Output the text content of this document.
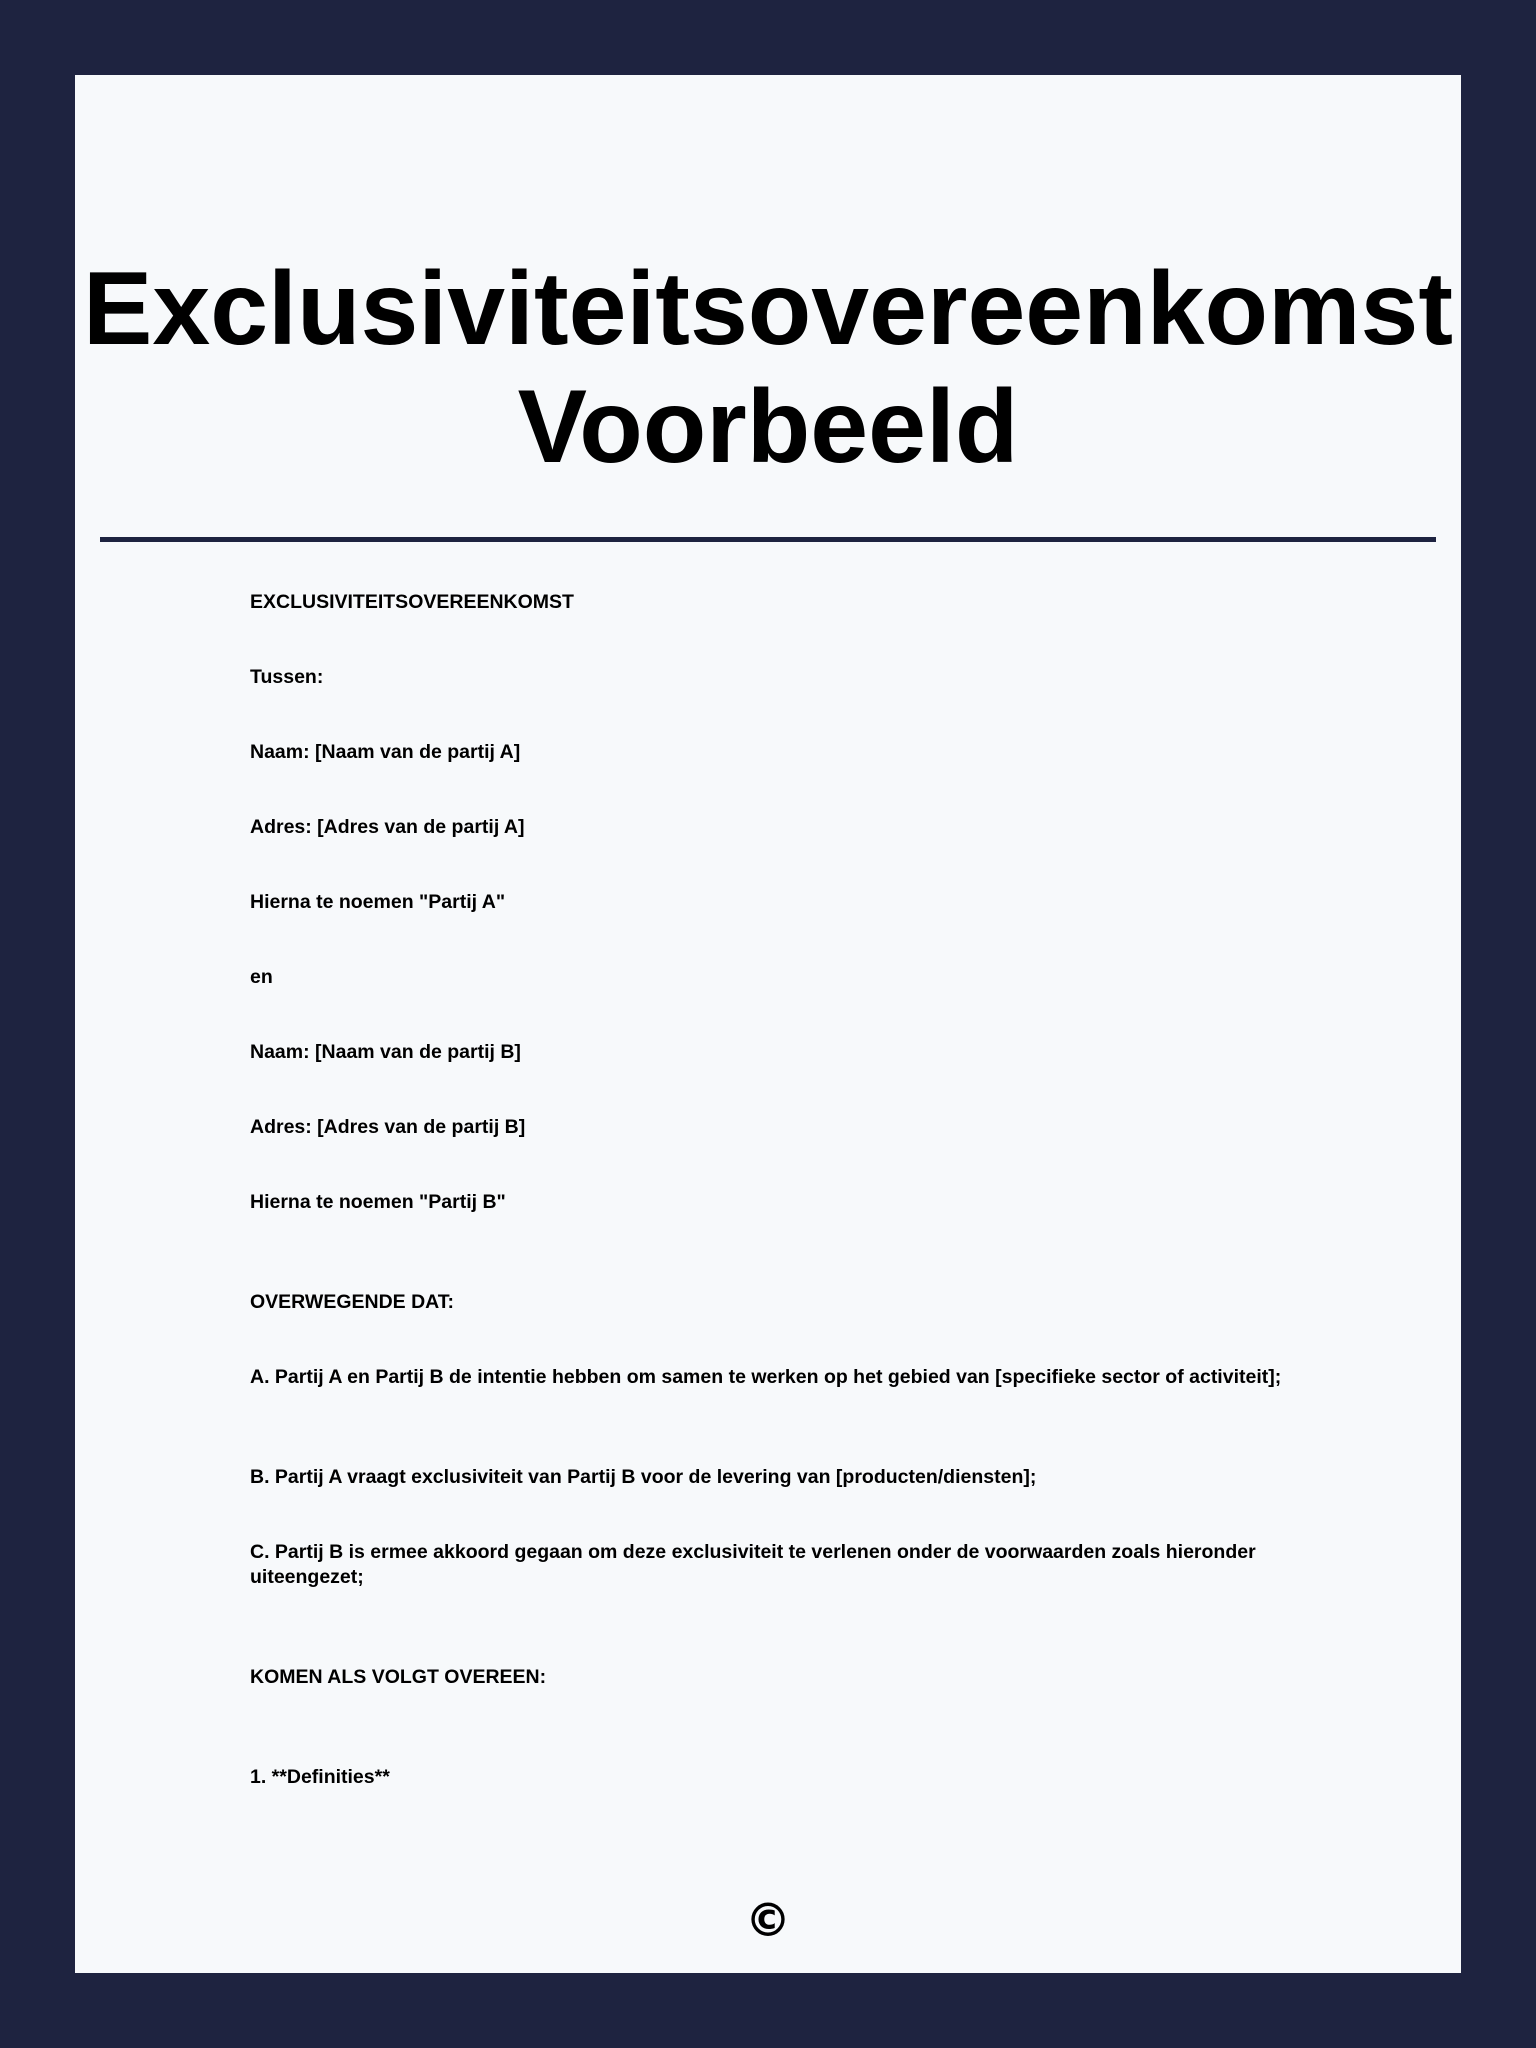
Exclusiviteitsovereenkomst
Voorbeeld

EXCLUSIVITEITSOVEREENKOMST

Tussen:

Naam: [Naam van de partij A]

Adres: [Adres van de partij A]

Hierna te noemen "Partij A"

en

Naam: [Naam van de partij B]

Adres: [Adres van de partij B]

Hierna te noemen "Partij B"

OVERWEGENDE DAT:

A. Partij A en Partij B de intentie hebben om samen te werken op het gebied van [specifieke sector of activiteit];

B. Partij A vraagt exclusiviteit van Partij B voor de levering van [producten/diensten];

C. Partij B is ermee akkoord gegaan om deze exclusiviteit te verlenen onder de voorwaarden zoals hieronder uiteengezet;

KOMEN ALS VOLGT OVEREEN:

1. **Definities**

©
